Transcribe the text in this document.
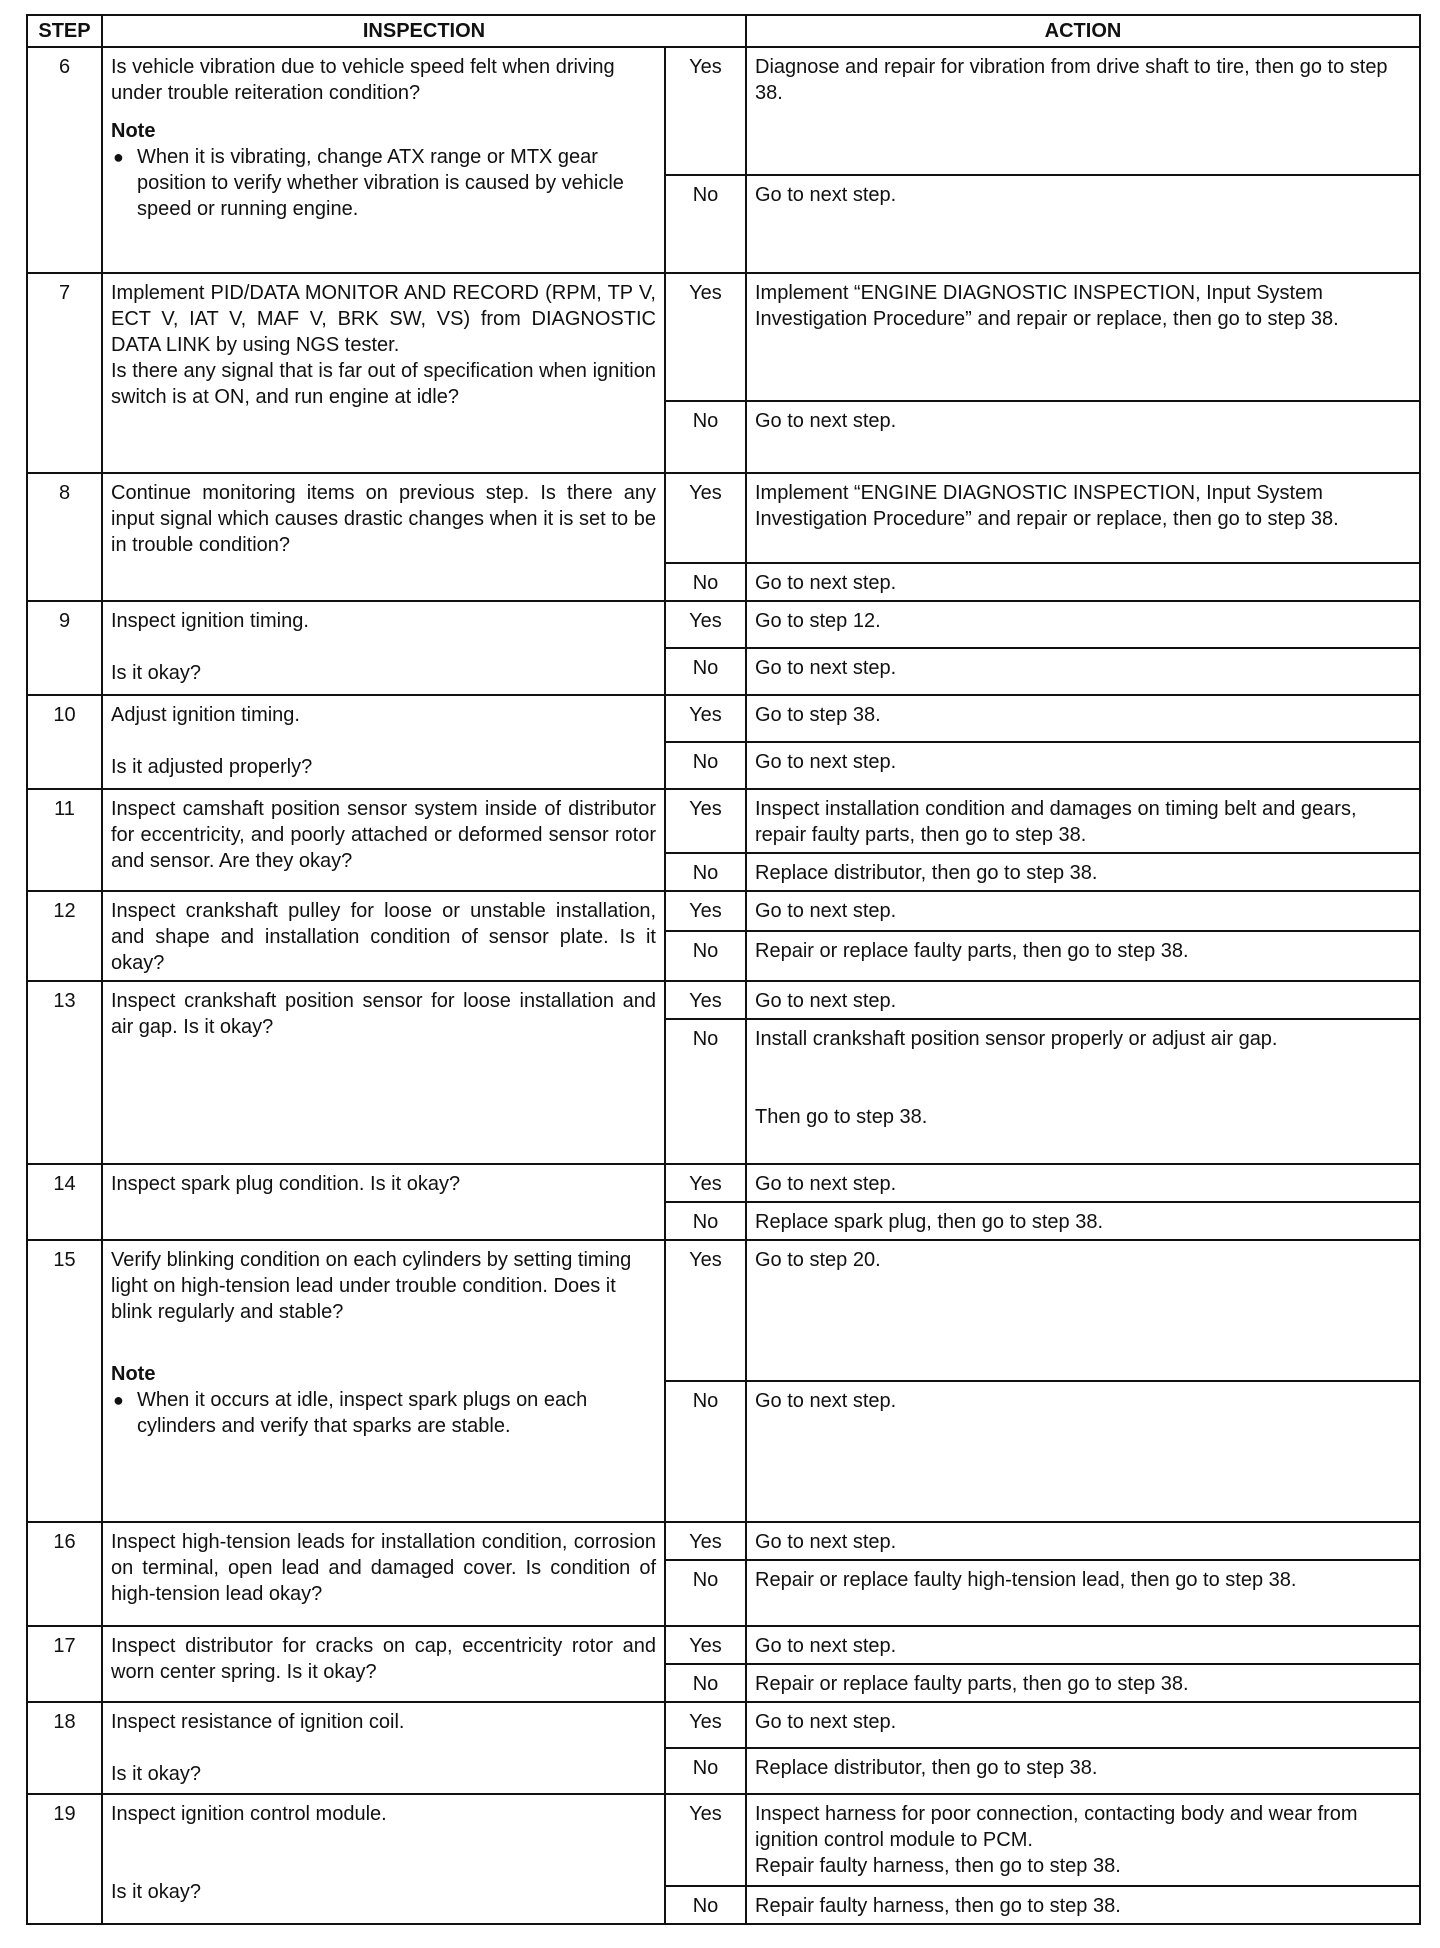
STEP	INSPECTION		ACTION
6	Is vehicle vibration due to vehicle speed felt when driving under trouble reiteration condition?
Note
● When it is vibrating, change ATX range or MTX gear position to verify whether vibration is caused by vehicle speed or running engine.	Yes	Diagnose and repair for vibration from drive shaft to tire, then go to step 38.
		No	Go to next step.
7	Implement PID/DATA MONITOR AND RECORD (RPM, TP V, ECT V, IAT V, MAF V, BRK SW, VS) from DIAGNOSTIC DATA LINK by using NGS tester.
Is there any signal that is far out of specification when ignition switch is at ON, and run engine at idle?	Yes	Implement “ENGINE DIAGNOSTIC INSPECTION, Input System Investigation Procedure” and repair or replace, then go to step 38.
		No	Go to next step.
8	Continue monitoring items on previous step. Is there any input signal which causes drastic changes when it is set to be in trouble condition?	Yes	Implement “ENGINE DIAGNOSTIC INSPECTION, Input System Investigation Procedure” and repair or replace, then go to step 38.
		No	Go to next step.
9	Inspect ignition timing.
Is it okay?	Yes	Go to step 12.
		No	Go to next step.
10	Adjust ignition timing.
Is it adjusted properly?	Yes	Go to step 38.
		No	Go to next step.
11	Inspect camshaft position sensor system inside of distributor for eccentricity, and poorly attached or deformed sensor rotor and sensor. Are they okay?	Yes	Inspect installation condition and damages on timing belt and gears, repair faulty parts, then go to step 38.
		No	Replace distributor, then go to step 38.
12	Inspect crankshaft pulley for loose or unstable installation, and shape and installation condition of sensor plate. Is it okay?	Yes	Go to next step.
		No	Repair or replace faulty parts, then go to step 38.
13	Inspect crankshaft position sensor for loose installation and air gap. Is it okay?	Yes	Go to next step.
		No	Install crankshaft position sensor properly or adjust air gap.
Then go to step 38.

14	Inspect spark plug condition. Is it okay?	Yes	Go to next step.
		No	Replace spark plug, then go to step 38.
15	Verify blinking condition on each cylinders by setting timing light on high-tension lead under trouble condition. Does it blink regularly and stable?
Note
● When it occurs at idle, inspect spark plugs on each cylinders and verify that sparks are stable.	Yes	Go to step 20.
		No	Go to next step.
16	Inspect high-tension leads for installation condition, corrosion on terminal, open lead and damaged cover. Is condition of high-tension lead okay?	Yes	Go to next step.
		No	Repair or replace faulty high-tension lead, then go to step 38.
17	Inspect distributor for cracks on cap, eccentricity rotor and worn center spring. Is it okay?	Yes	Go to next step.
		No	Repair or replace faulty parts, then go to step 38.
18	Inspect resistance of ignition coil.
Is it okay?	Yes	Go to next step.
		No	Replace distributor, then go to step 38.
19	Inspect ignition control module.
Is it okay?	Yes	Inspect harness for poor connection, contacting body and wear from ignition control module to PCM.
Repair faulty harness, then go to step 38.

		No	Repair faulty harness, then go to step 38.
